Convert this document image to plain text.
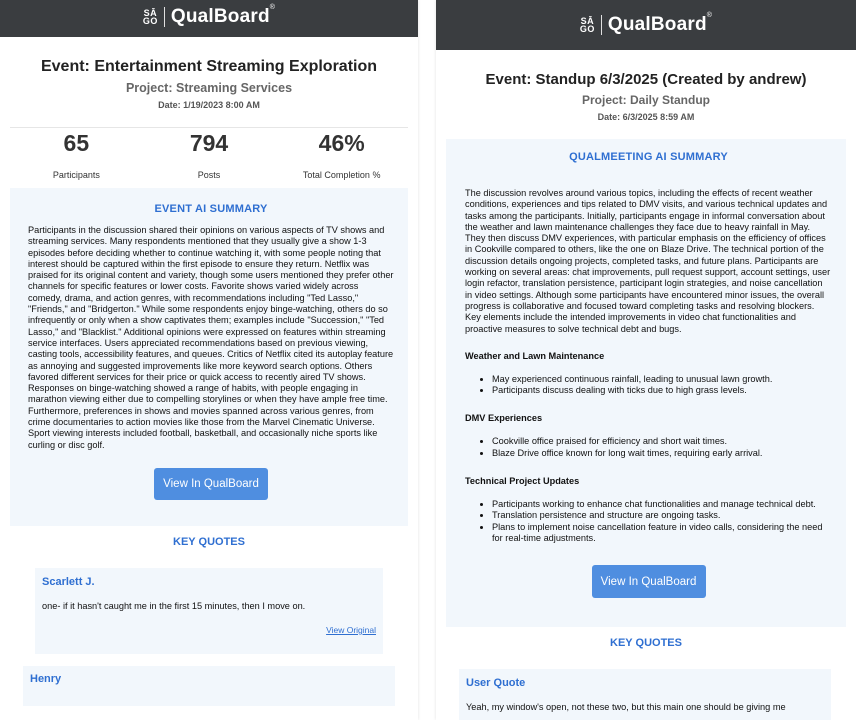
SĀ
GO QualBoard®
Event: Entertainment Streaming Exploration
Project: Streaming Services
Date: 1/19/2023 8:00 AM
65
Participants
794
Posts
46%
Total Completion %
EVENT AI SUMMARY
Participants in the discussion shared their opinions on various aspects of TV shows and streaming services. Many respondents mentioned that they usually give a show 1-3 episodes before deciding whether to continue watching it, with some people noting that interest should be captured within the first episode to ensure they return. Netflix was praised for its original content and variety, though some users mentioned they prefer other channels for specific features or lower costs. Favorite shows varied widely across comedy, drama, and action genres, with recommendations including "Ted Lasso," "Friends," and "Bridgerton." While some respondents enjoy binge-watching, others do so infrequently or only when a show captivates them; examples include "Succession," "Ted Lasso," and "Blacklist." Additional opinions were expressed on features within streaming service interfaces. Users appreciated recommendations based on previous viewing, casting tools, accessibility features, and queues. Critics of Netflix cited its autoplay feature as annoying and suggested improvements like more keyword search options. Others favored different services for their price or quick access to recently aired TV shows. Responses on binge-watching showed a range of habits, with people engaging in marathon viewing either due to compelling storylines or when they have ample free time. Furthermore, preferences in shows and movies spanned across various genres, from crime documentaries to action movies like those from the Marvel Cinematic Universe. Sport viewing interests included football, basketball, and occasionally niche sports like curling or disc golf.
View In QualBoard
KEY QUOTES
Scarlett J.
one- if it hasn't caught me in the first 15 minutes, then I move on.
View Original
Henry
SĀ
GO QualBoard®
Event: Standup 6/3/2025 (Created by andrew)
Project: Daily Standup
Date: 6/3/2025 8:59 AM
QUALMEETING AI SUMMARY
The discussion revolves around various topics, including the effects of recent weather conditions, experiences and tips related to DMV visits, and various technical updates and tasks among the participants. Initially, participants engage in informal conversation about the weather and lawn maintenance challenges they face due to heavy rainfall in May. They then discuss DMV experiences, with particular emphasis on the efficiency of offices in Cookville compared to others, like the one on Blaze Drive. The technical portion of the discussion details ongoing projects, completed tasks, and future plans. Participants are working on several areas: chat improvements, pull request support, account settings, user login refactor, translation persistence, participant login strategies, and noise cancellation in video settings. Although some participants have encountered minor issues, the overall progress is collaborative and focused toward completing tasks and resolving blockers. Key elements include the intended improvements in video chat functionalities and proactive measures to solve technical debt and bugs.
Weather and Lawn Maintenance
• May experienced continuous rainfall, leading to unusual lawn growth.
• Participants discuss dealing with ticks due to high grass levels.
DMV Experiences
• Cookville office praised for efficiency and short wait times.
• Blaze Drive office known for long wait times, requiring early arrival.
Technical Project Updates
• Participants working to enhance chat functionalities and manage technical debt.
• Translation persistence and structure are ongoing tasks.
• Plans to implement noise cancellation feature in video calls, considering the need for real-time adjustments.
View In QualBoard
KEY QUOTES
User Quote
Yeah, my window's open, not these two, but this main one should be giving me
